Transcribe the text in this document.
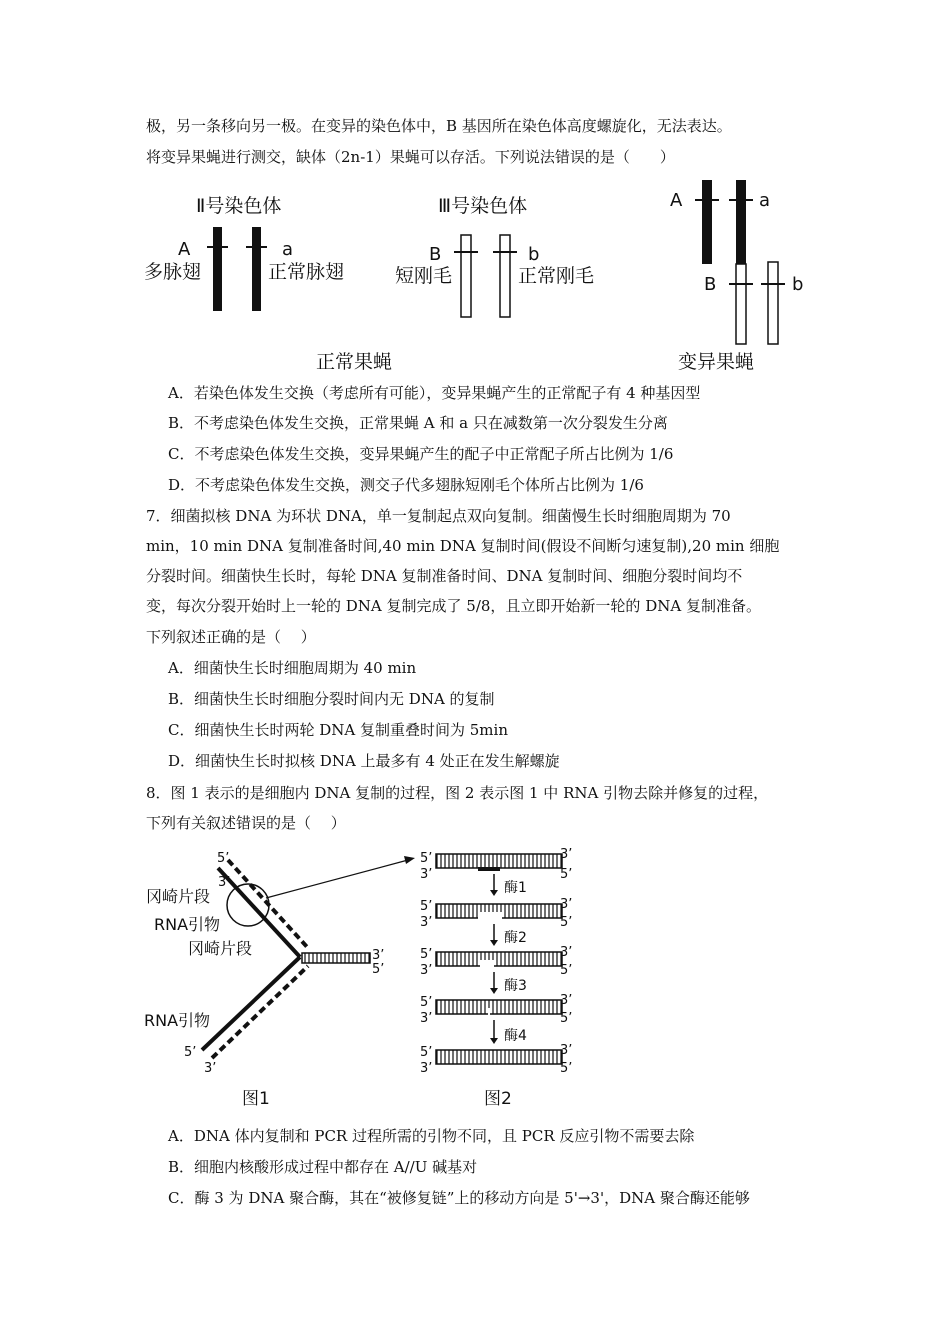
极，另一条移向另一极。在变异的染色体中，B 基因所在染色体高度螺旋化，无法表达。
将变异果蝇进行测交，缺体（2n-1）果蝇可以存活。下列说法错误的是（　　）
Ⅱ号染色体	Ⅲ号染色体
A	a
多脉翅	正常脉翅
B	b
短刚毛	正常刚毛
A	a
B	b
正常果蝇	变异果蝇
A．若染色体发生交换（考虑所有可能），变异果蝇产生的正常配子有 4 种基因型
B．不考虑染色体发生交换，正常果蝇 A 和 a 只在减数第一次分裂发生分离
C．不考虑染色体发生交换，变异果蝇产生的配子中正常配子所占比例为 1/6
D．不考虑染色体发生交换，测交子代多翅脉短刚毛个体所占比例为 1/6
7．细菌拟核 DNA 为环状 DNA，单一复制起点双向复制。细菌慢生长时细胞周期为 70
min，10 min DNA 复制准备时间,40 min DNA 复制时间(假设不间断匀速复制),20 min 细胞
分裂时间。细菌快生长时，每轮 DNA 复制准备时间、DNA 复制时间、细胞分裂时间均不
变，每次分裂开始时上一轮的 DNA 复制完成了 5/8，且立即开始新一轮的 DNA 复制准备。
下列叙述正确的是（　 ）
A．细菌快生长时细胞周期为 40 min
B．细菌快生长时细胞分裂时间内无 DNA 的复制
C．细菌快生长时两轮 DNA 复制重叠时间为 5min
D．细菌快生长时拟核 DNA 上最多有 4 处正在发生解螺旋
8．图 1 表示的是细胞内 DNA 复制的过程，图 2 表示图 1 中 RNA 引物去除并修复的过程，
下列有关叙述错误的是（　 ）
5’
3’
冈崎片段
RNA引物
冈崎片段	3’
5’
RNA引物
5’
3’
图1
5’
3’
3’
5’
酶1
5’
3’
3’
5’
酶2
5’
3’
3’
5’
酶3
5’
3’
3’
5’
酶4
5’
3’
3’
5’
图2
A．DNA 体内复制和 PCR 过程所需的引物不同，且 PCR 反应引物不需要去除
B．细胞内核酸形成过程中都存在 A//U 碱基对
C．酶 3 为 DNA 聚合酶，其在“被修复链”上的移动方向是 5'→3'，DNA 聚合酶还能够
